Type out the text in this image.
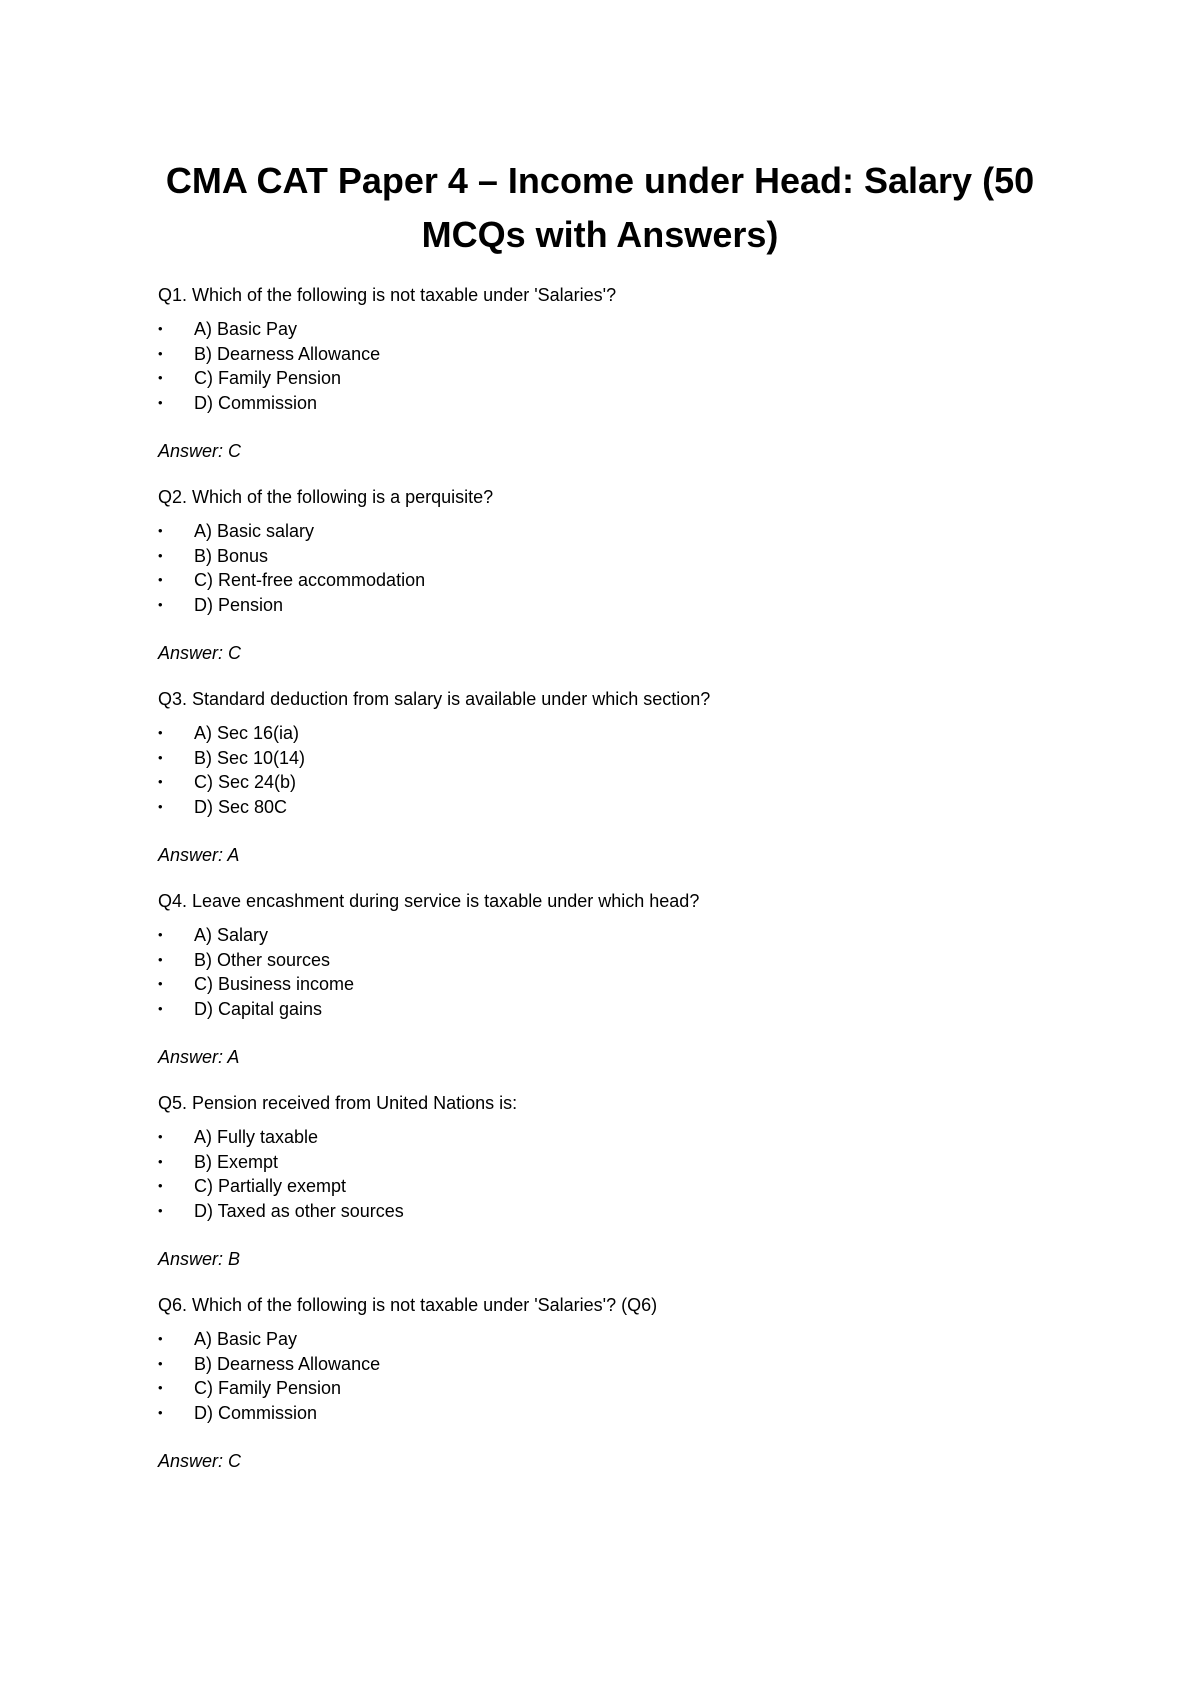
CMA CAT Paper 4 – Income under Head: Salary (50 MCQs with Answers)

Q1. Which of the following is not taxable under 'Salaries'?

•	A) Basic Pay
•	B) Dearness Allowance
•	C) Family Pension
•	D) Commission

Answer: C

Q2. Which of the following is a perquisite?

•	A) Basic salary
•	B) Bonus
•	C) Rent-free accommodation
•	D) Pension

Answer: C

Q3. Standard deduction from salary is available under which section?

•	A) Sec 16(ia)
•	B) Sec 10(14)
•	C) Sec 24(b)
•	D) Sec 80C

Answer: A

Q4. Leave encashment during service is taxable under which head?

•	A) Salary
•	B) Other sources
•	C) Business income
•	D) Capital gains

Answer: A

Q5. Pension received from United Nations is:

•	A) Fully taxable
•	B) Exempt
•	C) Partially exempt
•	D) Taxed as other sources

Answer: B

Q6. Which of the following is not taxable under 'Salaries'? (Q6)

•	A) Basic Pay
•	B) Dearness Allowance
•	C) Family Pension
•	D) Commission

Answer: C
